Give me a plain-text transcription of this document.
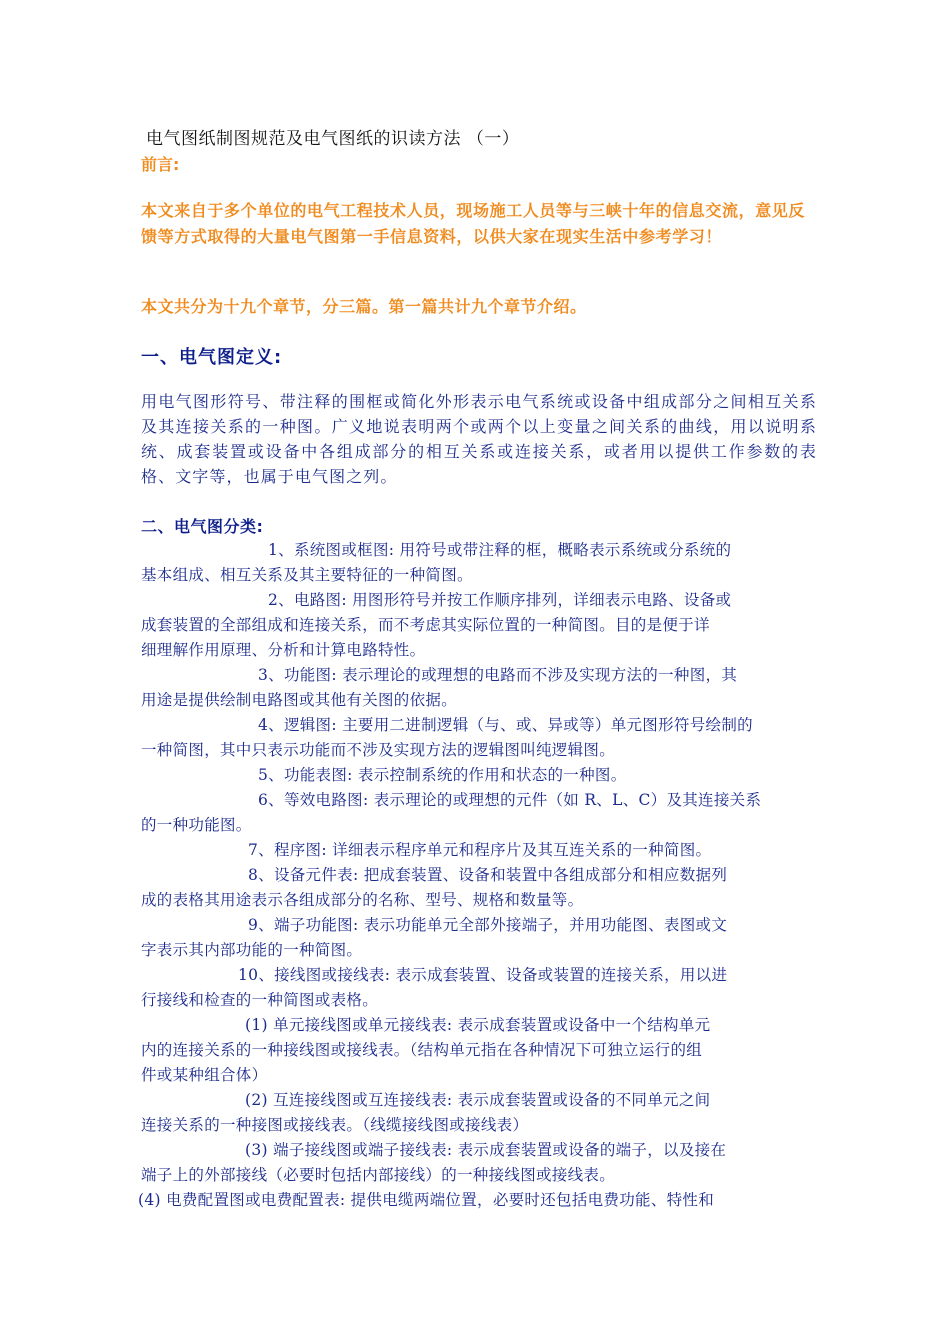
电气图纸制图规范及电气图纸的识读方法 （一）
前言:
本文来自于多个单位的电气工程技术人员，现场施工人员等与三峡十年的信息交流，意见反馈等方式取得的大量电气图第一手信息资料，以供大家在现实生活中参考学习！
本文共分为十九个章节，分三篇。第一篇共计九个章节介绍。
一、电气图定义:
用电气图形符号、带注释的围框或简化外形表示电气系统或设备中组成部分之间相互关系及其连接关系的一种图。广义地说表明两个或两个以上变量之间关系的曲线，用以说明系统、成套装置或设备中各组成部分的相互关系或连接关系，或者用以提供工作参数的表格、文字等，也属于电气图之列。
二、电气图分类:
1、系统图或框图: 用符号或带注释的框，概略表示系统或分系统的
基本组成、相互关系及其主要特征的一种简图。
2、电路图: 用图形符号并按工作顺序排列，详细表示电路、设备或
成套装置的全部组成和连接关系，而不考虑其实际位置的一种简图。目的是便于详
细理解作用原理、分析和计算电路特性。
3、功能图: 表示理论的或理想的电路而不涉及实现方法的一种图，其
用途是提供绘制电路图或其他有关图的依据。
4、逻辑图: 主要用二进制逻辑（与、或、异或等）单元图形符号绘制的
一种简图，其中只表示功能而不涉及实现方法的逻辑图叫纯逻辑图。
5、功能表图: 表示控制系统的作用和状态的一种图。
6、等效电路图: 表示理论的或理想的元件（如 R、L、C）及其连接关系
的一种功能图。
7、程序图: 详细表示程序单元和程序片及其互连关系的一种简图。
8、设备元件表: 把成套装置、设备和装置中各组成部分和相应数据列
成的表格其用途表示各组成部分的名称、型号、规格和数量等。
9、端子功能图: 表示功能单元全部外接端子，并用功能图、表图或文
字表示其内部功能的一种简图。
10、接线图或接线表: 表示成套装置、设备或装置的连接关系，用以进
行接线和检查的一种简图或表格。
(1) 单元接线图或单元接线表: 表示成套装置或设备中一个结构单元
内的连接关系的一种接线图或接线表。（结构单元指在各种情况下可独立运行的组
件或某种组合体）
(2) 互连接线图或互连接线表: 表示成套装置或设备的不同单元之间
连接关系的一种接图或接线表。（线缆接线图或接线表）
(3) 端子接线图或端子接线表: 表示成套装置或设备的端子，以及接在
端子上的外部接线（必要时包括内部接线）的一种接线图或接线表。
(4) 电费配置图或电费配置表: 提供电缆两端位置，必要时还包括电费功能、特性和
